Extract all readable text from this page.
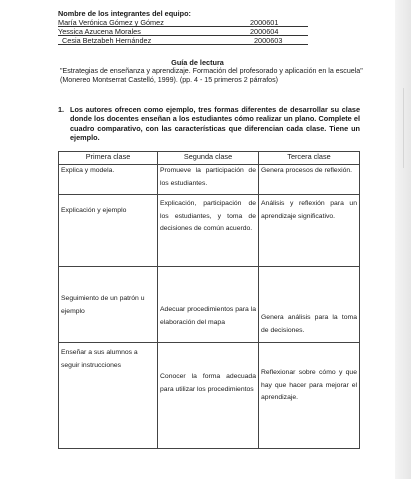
Nombre de los integrantes del equipo:
María Verónica Gómez y Gómez	2000601
Yessica Azucena Morales	2000604
Cesia Betzabeh Hernández	2000603
Guía de lectura
"Estrategias de enseñanza y aprendizaje. Formación del profesorado y aplicación en la escuela" (Monereo Montserrat Castelló, 1999). (pp. 4 - 15 primeros 2 párrafos)
1. Los autores ofrecen como ejemplo, tres formas diferentes de desarrollar su clase donde los docentes enseñan a los estudiantes cómo realizar un plano. Complete el cuadro comparativo, con las características que diferencian cada clase. Tiene un ejemplo.
Primera clase	Segunda clase	Tercera clase

Explica y modela.	Promueve la participación de los estudiantes.	Genera procesos de reflexión.

Explicación y ejemplo	Explicación, participación de los estudiantes, y toma de decisiones de común acuerdo.	Análisis y reflexión para un aprendizaje significativo.

Seguimiento de un patrón u ejemplo	Adecuar procedimientos para la elaboración del mapa	Genera análisis para la toma de decisiones.

Enseñar a sus alumnos a seguir instrucciones	Conocer la forma adecuada para utilizar los procedimientos	Reflexionar sobre cómo y que hay que hacer para mejorar el aprendizaje.
